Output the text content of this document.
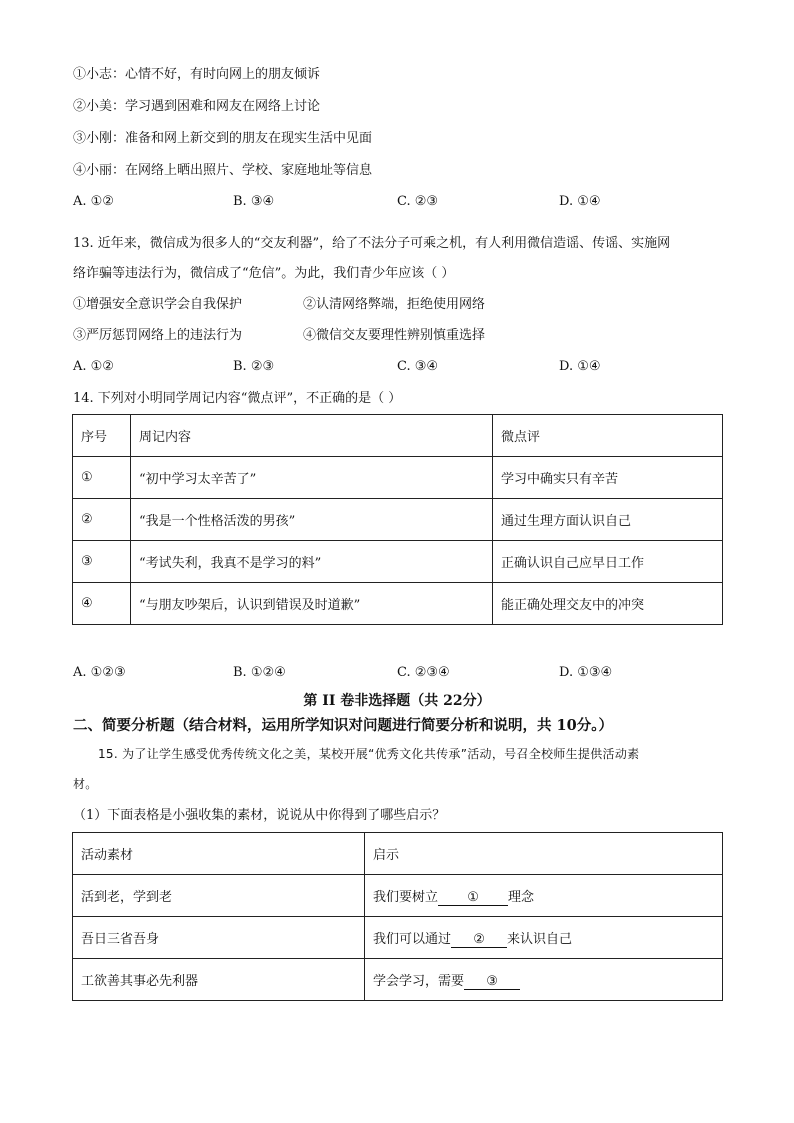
①小志：心情不好，有时向网上的朋友倾诉
②小美：学习遇到困难和网友在网络上讨论
③小刚：准备和网上新交到的朋友在现实生活中见面
④小丽：在网络上晒出照片、学校、家庭地址等信息
A. ①②	B. ③④	C. ②③	D. ①④
13. 近年来，微信成为很多人的“交友利器”，给了不法分子可乘之机，有人利用微信造谣、传谣、实施网
络诈骗等违法行为，微信成了“危信”。为此，我们青少年应该（ ）
①增强安全意识学会自我保护	②认清网络弊端，拒绝使用网络
③严厉惩罚网络上的违法行为	④微信交友要理性辨别慎重选择
A. ①②	B. ②③	C. ③④	D. ①④
14. 下列对小明同学周记内容“微点评”，不正确的是（ ）
序号	周记内容	微点评
①	“初中学习太辛苦了”	学习中确实只有辛苦
②	“我是一个性格活泼的男孩”	通过生理方面认识自己
③	“考试失利，我真不是学习的料”	正确认识自己应早日工作
④	“与朋友吵架后，认识到错误及时道歉”	能正确处理交友中的冲突
A. ①②③	B. ①②④	C. ②③④	D. ①③④
第 II 卷非选择题（共 22分）
二、简要分析题（结合材料，运用所学知识对问题进行简要分析和说明，共 10分。）
15. 为了让学生感受优秀传统文化之美，某校开展“优秀文化共传承”活动，号召全校师生提供活动素
材。
（1）下面表格是小强收集的素材，说说从中你得到了哪些启示？
活动素材	启示
活到老，学到老	我们要树立 ① 理念
吾日三省吾身	我们可以通过 ② 来认识自己
工欲善其事必先利器	学会学习，需要 ③
